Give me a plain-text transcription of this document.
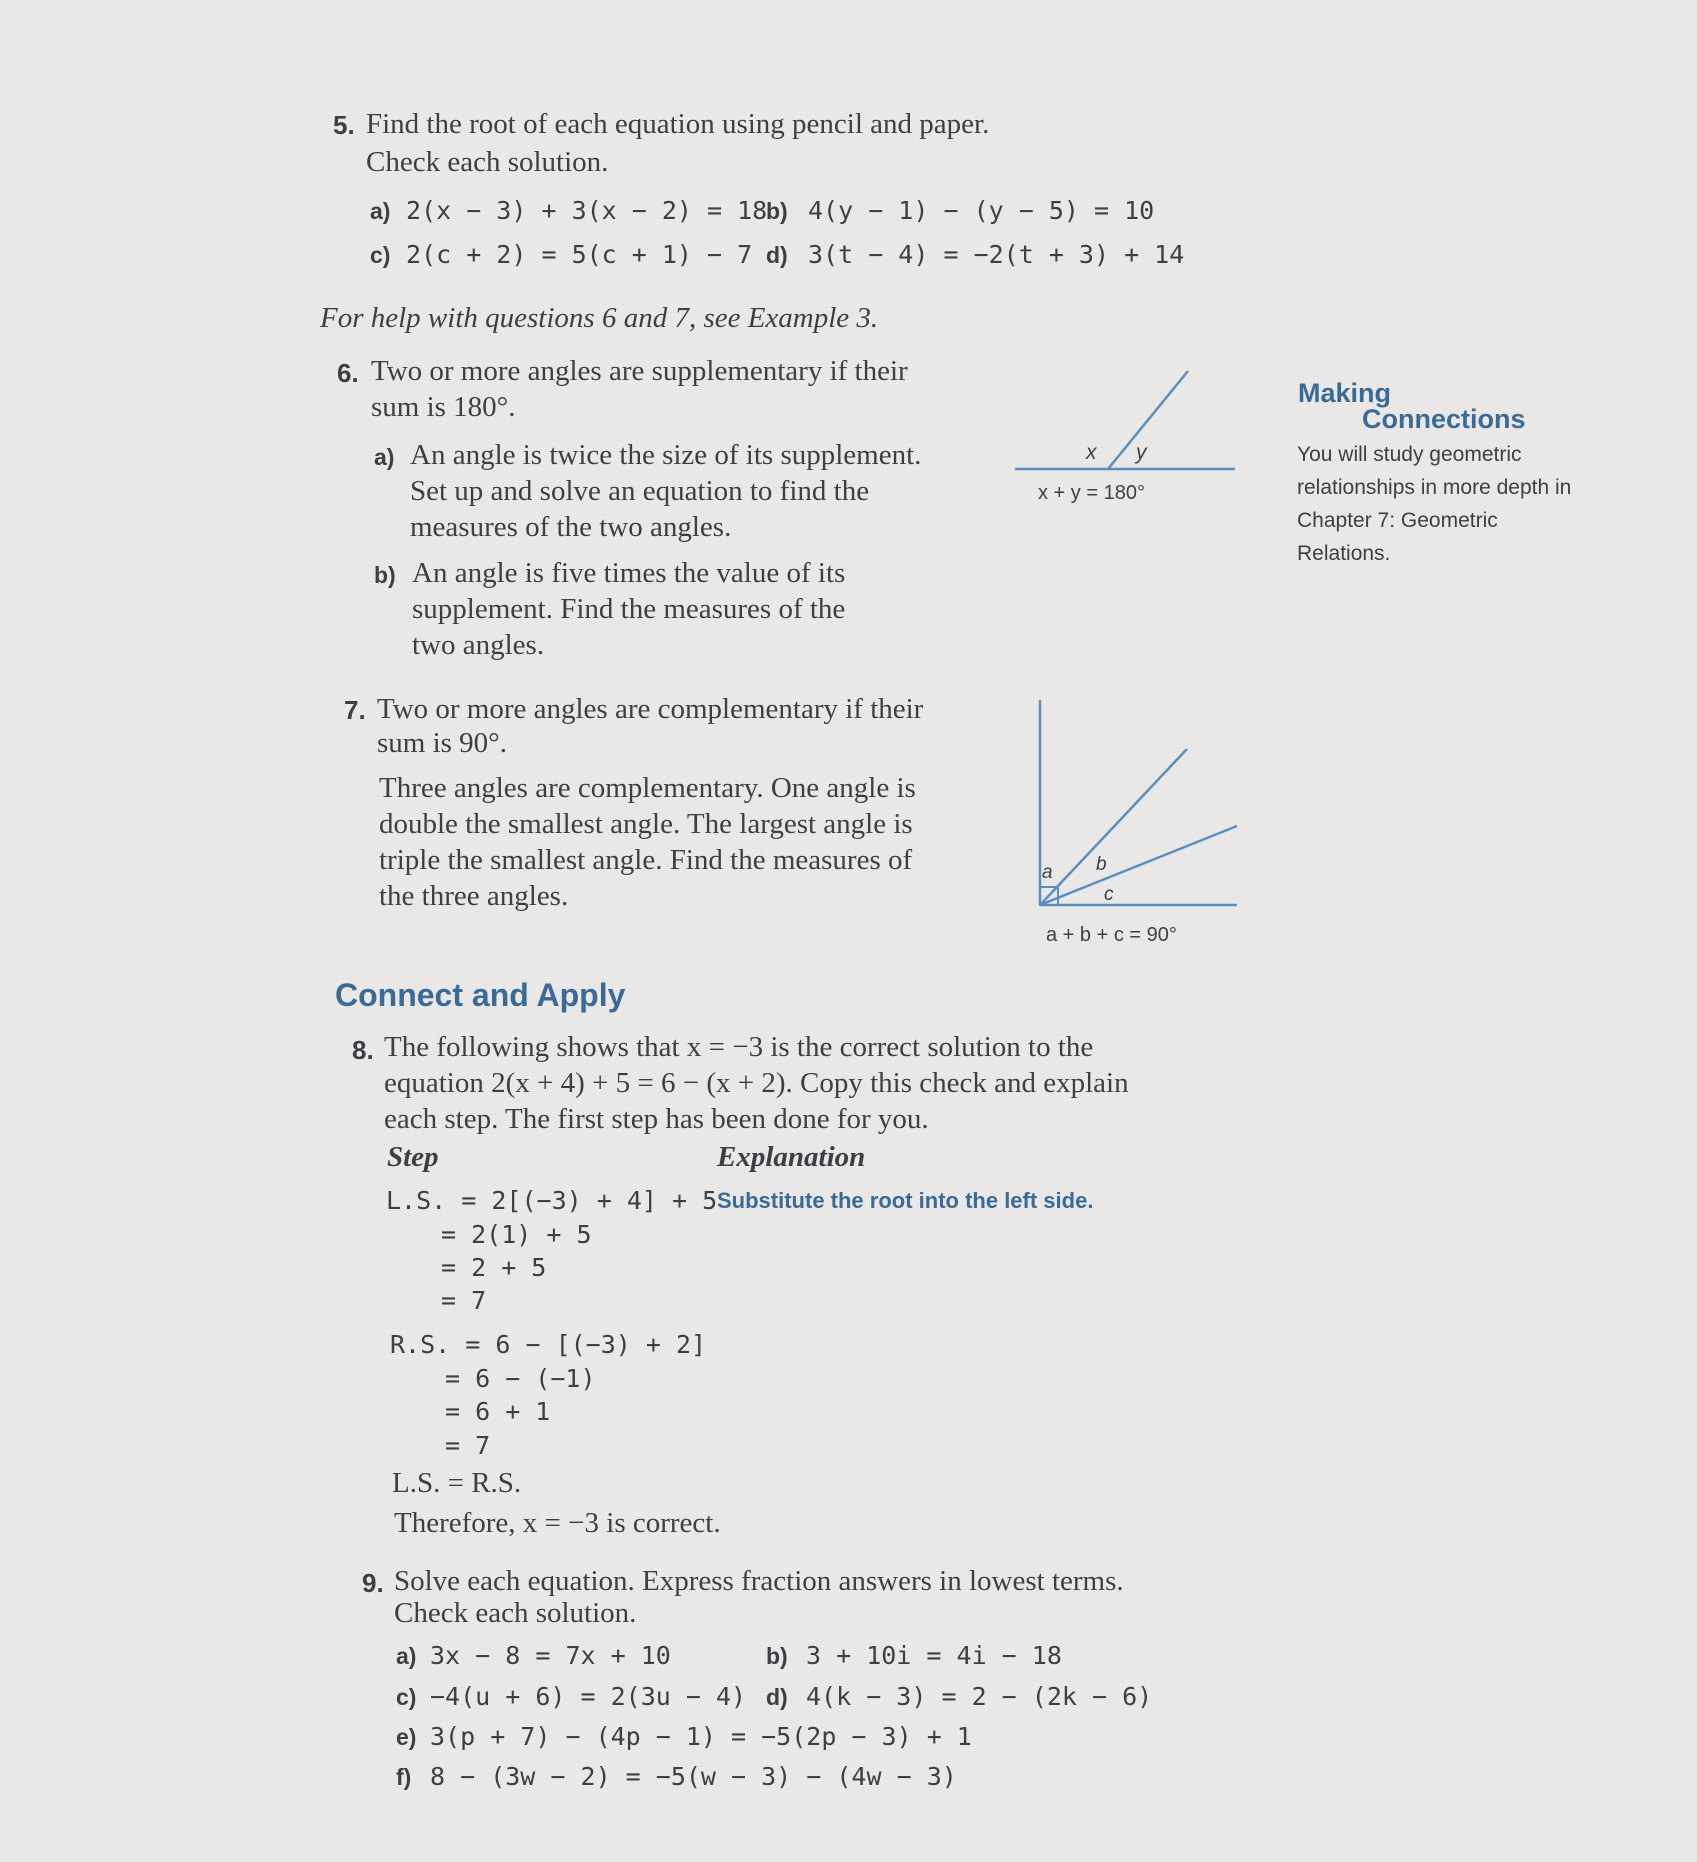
5. Find the root of each equation using pencil and paper.
Check each solution.
a) 2(x − 3) + 3(x − 2) = 18
b) 4(y − 1) − (y − 5) = 10
c) 2(c + 2) = 5(c + 1) − 7 d) 3(t − 4) = −2(t + 3) + 14
For help with questions 6 and 7, see Example 3.
6. Two or more angles are supplementary if their
sum is 180°.
a) An angle is twice the size of its supplement.
Set up and solve an equation to find the
measures of the two angles.
b) An angle is five times the value of its
supplement. Find the measures of the
two angles.
x y
x + y = 180°
Making
Connections
You will study geometric
relationships in more depth in
Chapter 7: Geometric
Relations.
7. Two or more angles are complementary if their
sum is 90°.
Three angles are complementary. One angle is
double the smallest angle. The largest angle is
triple the smallest angle. Find the measures of
the three angles.
a b
c
a + b + c = 90°
Connect and Apply
8. The following shows that x = −3 is the correct solution to the
equation 2(x + 4) + 5 = 6 − (x + 2). Copy this check and explain
each step. The first step has been done for you.
Step	Explanation
L.S. = 2[(−3) + 4] + 5 Substitute the root into the left side.
= 2(1) + 5
= 2 + 5
= 7
R.S. = 6 − [(−3) + 2]
= 6 − (−1)
= 6 + 1
= 7
L.S. = R.S.
Therefore, x = −3 is correct.
9. Solve each equation. Express fraction answers in lowest terms.
Check each solution.
a) 3x − 8 = 7x + 10	b) 3 + 10i = 4i − 18
c) −4(u + 6) = 2(3u − 4) d) 4(k − 3) = 2 − (2k − 6)
e) 3(p + 7) − (4p − 1) = −5(2p − 3) + 1
f) 8 − (3w − 2) = −5(w − 3) − (4w − 3)
